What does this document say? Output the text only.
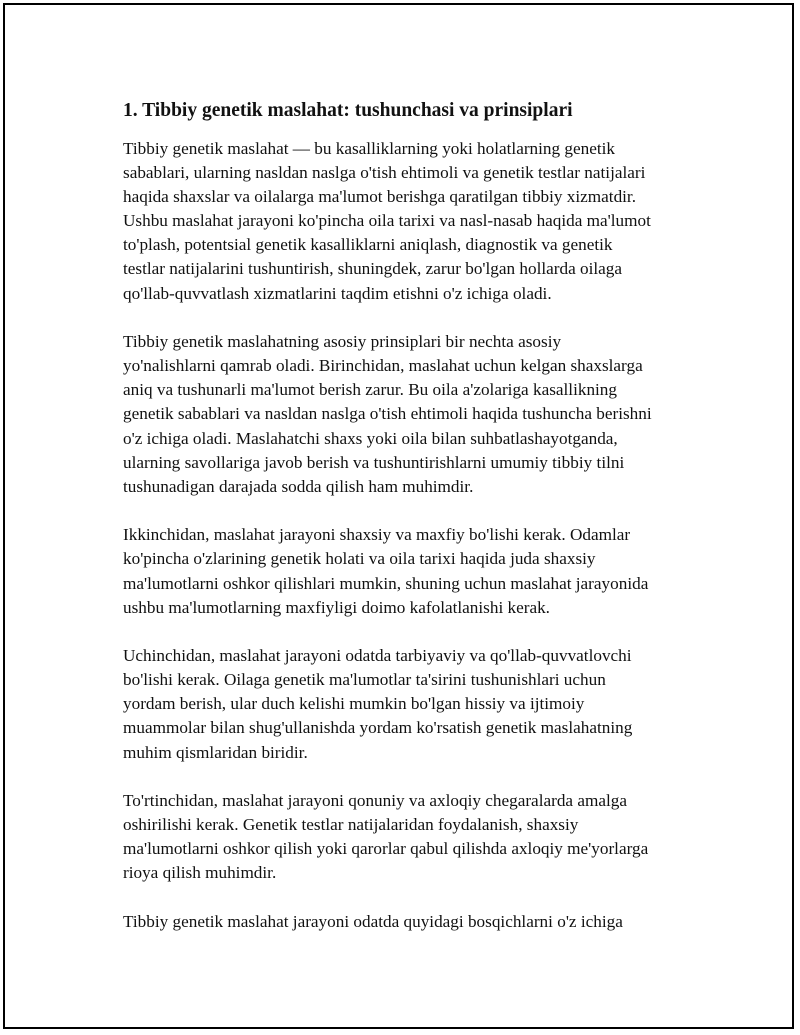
1. Tibbiy genetik maslahat: tushunchasi va prinsiplari

Tibbiy genetik maslahat — bu kasalliklarning yoki holatlarning genetik
sabablari, ularning nasldan naslga o'tish ehtimoli va genetik testlar natijalari
haqida shaxslar va oilalarga ma'lumot berishga qaratilgan tibbiy xizmatdir.
Ushbu maslahat jarayoni ko'pincha oila tarixi va nasl-nasab haqida ma'lumot
to'plash, potentsial genetik kasalliklarni aniqlash, diagnostik va genetik
testlar natijalarini tushuntirish, shuningdek, zarur bo'lgan hollarda oilaga
qo'llab-quvvatlash xizmatlarini taqdim etishni o'z ichiga oladi.

Tibbiy genetik maslahatning asosiy prinsiplari bir nechta asosiy
yo'nalishlarni qamrab oladi. Birinchidan, maslahat uchun kelgan shaxslarga
aniq va tushunarli ma'lumot berish zarur. Bu oila a'zolariga kasallikning
genetik sabablari va nasldan naslga o'tish ehtimoli haqida tushuncha berishni
o'z ichiga oladi. Maslahatchi shaxs yoki oila bilan suhbatlashayotganda,
ularning savollariga javob berish va tushuntirishlarni umumiy tibbiy tilni
tushunadigan darajada sodda qilish ham muhimdir.

Ikkinchidan, maslahat jarayoni shaxsiy va maxfiy bo'lishi kerak. Odamlar
ko'pincha o'zlarining genetik holati va oila tarixi haqida juda shaxsiy
ma'lumotlarni oshkor qilishlari mumkin, shuning uchun maslahat jarayonida
ushbu ma'lumotlarning maxfiyligi doimo kafolatlanishi kerak.

Uchinchidan, maslahat jarayoni odatda tarbiyaviy va qo'llab-quvvatlovchi
bo'lishi kerak. Oilaga genetik ma'lumotlar ta'sirini tushunishlari uchun
yordam berish, ular duch kelishi mumkin bo'lgan hissiy va ijtimoiy
muammolar bilan shug'ullanishda yordam ko'rsatish genetik maslahatning
muhim qismlaridan biridir.

To'rtinchidan, maslahat jarayoni qonuniy va axloqiy chegaralarda amalga
oshirilishi kerak. Genetik testlar natijalaridan foydalanish, shaxsiy
ma'lumotlarni oshkor qilish yoki qarorlar qabul qilishda axloqiy me'yorlarga
rioya qilish muhimdir.

Tibbiy genetik maslahat jarayoni odatda quyidagi bosqichlarni o'z ichiga
